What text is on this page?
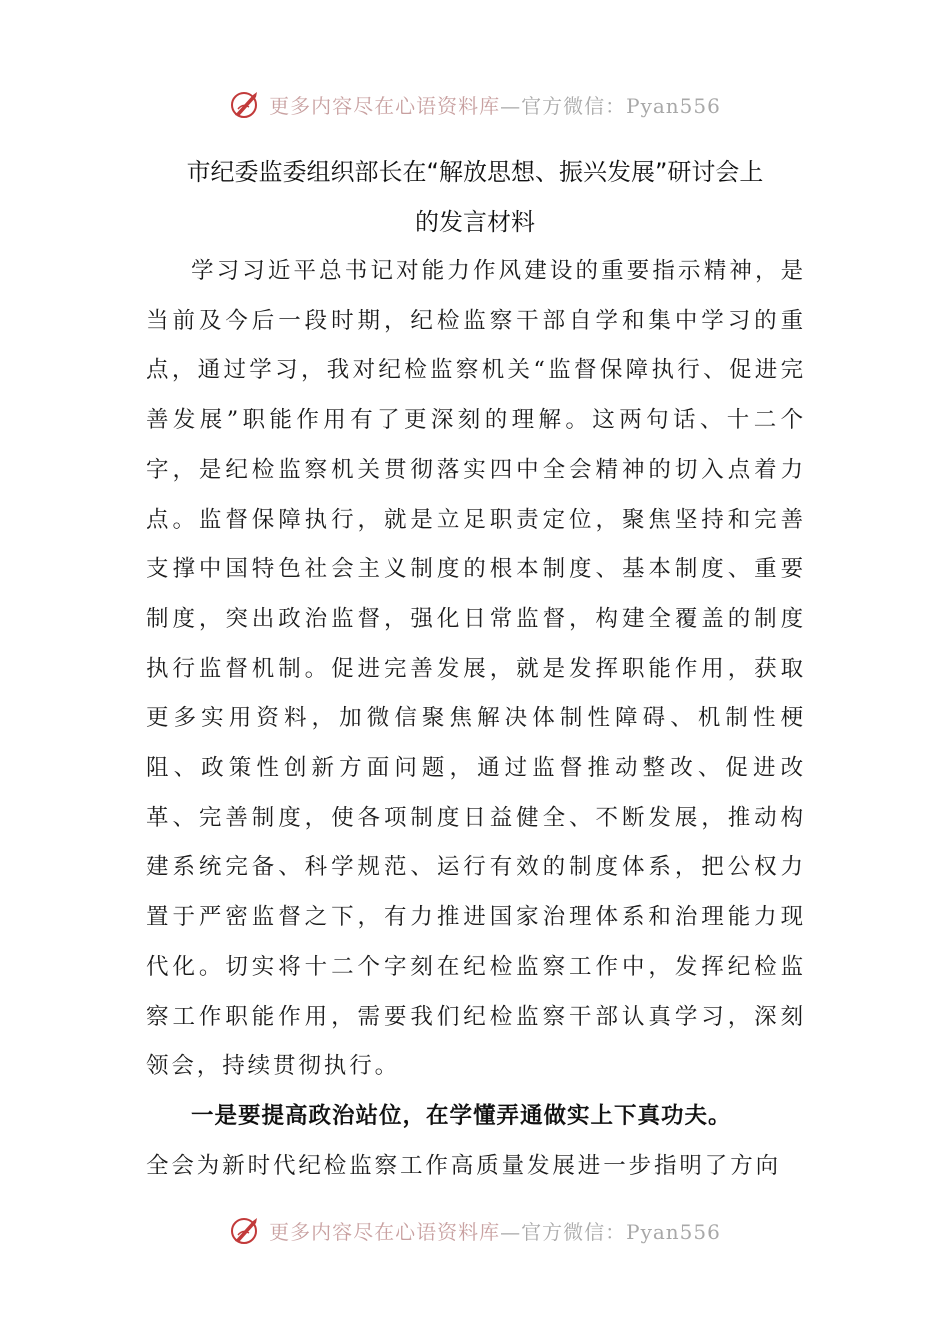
更多内容尽在心语资料库—官方微信：Pyan556
市纪委监委组织部长在“解放思想、振兴发展”研讨会上
的发言材料

学习习近平总书记对能力作风建设的重要指示精神，是当前及今后一段时期，纪检监察干部自学和集中学习的重点，通过学习，我对纪检监察机关“监督保障执行、促进完善发展”职能作用有了更深刻的理解。这两句话、十二个字，是纪检监察机关贯彻落实四中全会精神的切入点着力点。监督保障执行，就是立足职责定位，聚焦坚持和完善支撑中国特色社会主义制度的根本制度、基本制度、重要制度，突出政治监督，强化日常监督，构建全覆盖的制度执行监督机制。促进完善发展，就是发挥职能作用，获取更多实用资料，加微信聚焦解决体制性障碍、机制性梗阻、政策性创新方面问题，通过监督推动整改、促进改革、完善制度，使各项制度日益健全、不断发展，推动构建系统完备、科学规范、运行有效的制度体系，把公权力置于严密监督之下，有力推进国家治理体系和治理能力现代化。切实将十二个字刻在纪检监察工作中，发挥纪检监察工作职能作用，需要我们纪检监察干部认真学习，深刻领会，持续贯彻执行。

一是要提高政治站位，在学懂弄通做实上下真功夫。

全会为新时代纪检监察工作高质量发展进一步指明了方向

更多内容尽在心语资料库—官方微信：Pyan556
